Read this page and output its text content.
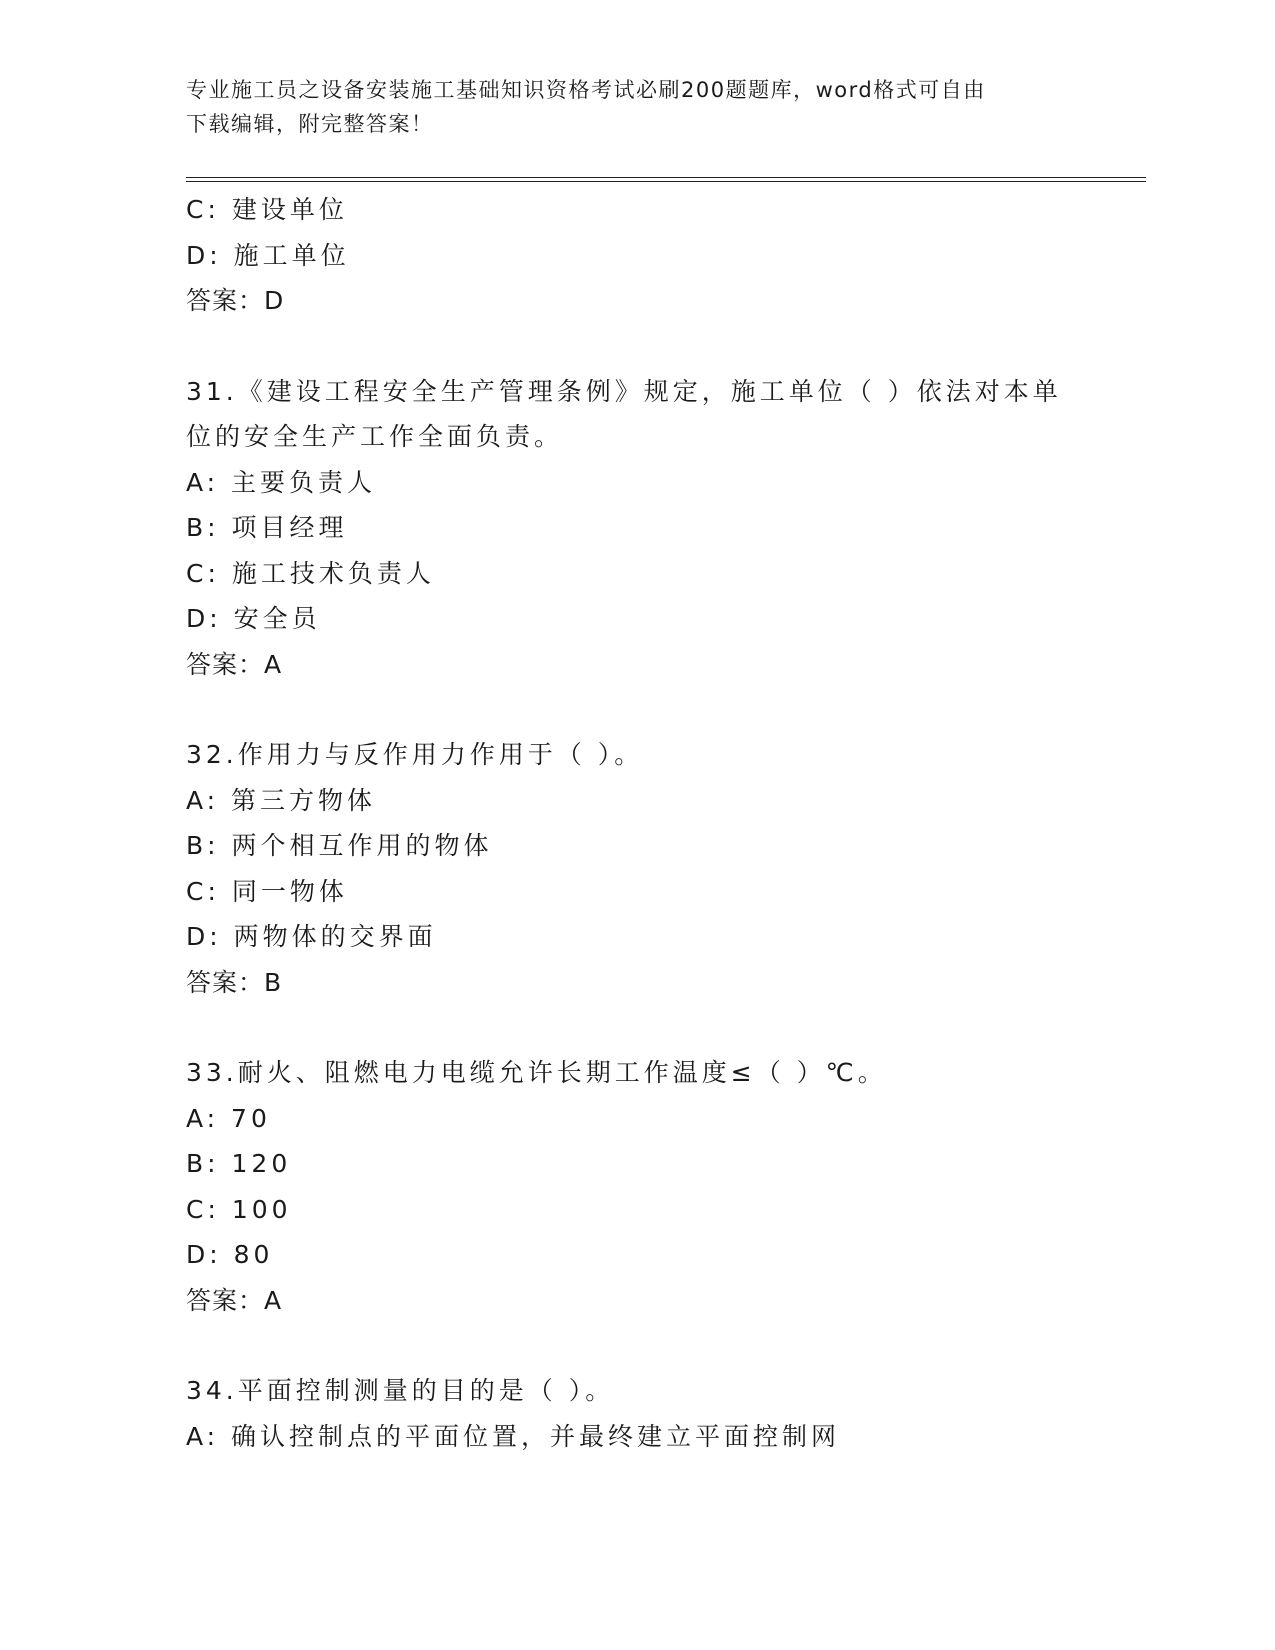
专业施工员之设备安装施工基础知识资格考试必刷200题题库，word格式可自由
下载编辑，附完整答案！
C: 建设单位
D: 施工单位
答案：D
31.《建设工程安全生产管理条例》规定，施工单位（ ）依法对本单
位的安全生产工作全面负责。
A: 主要负责人
B: 项目经理
C: 施工技术负责人
D: 安全员
答案：A
32.作用力与反作用力作用于（ ）。
A: 第三方物体
B: 两个相互作用的物体
C: 同一物体
D: 两物体的交界面
答案：B
33.耐火、阻燃电力电缆允许长期工作温度≤（ ）℃。
A: 70
B: 120
C: 100
D: 80
答案：A
34.平面控制测量的目的是（ ）。
A: 确认控制点的平面位置，并最终建立平面控制网
